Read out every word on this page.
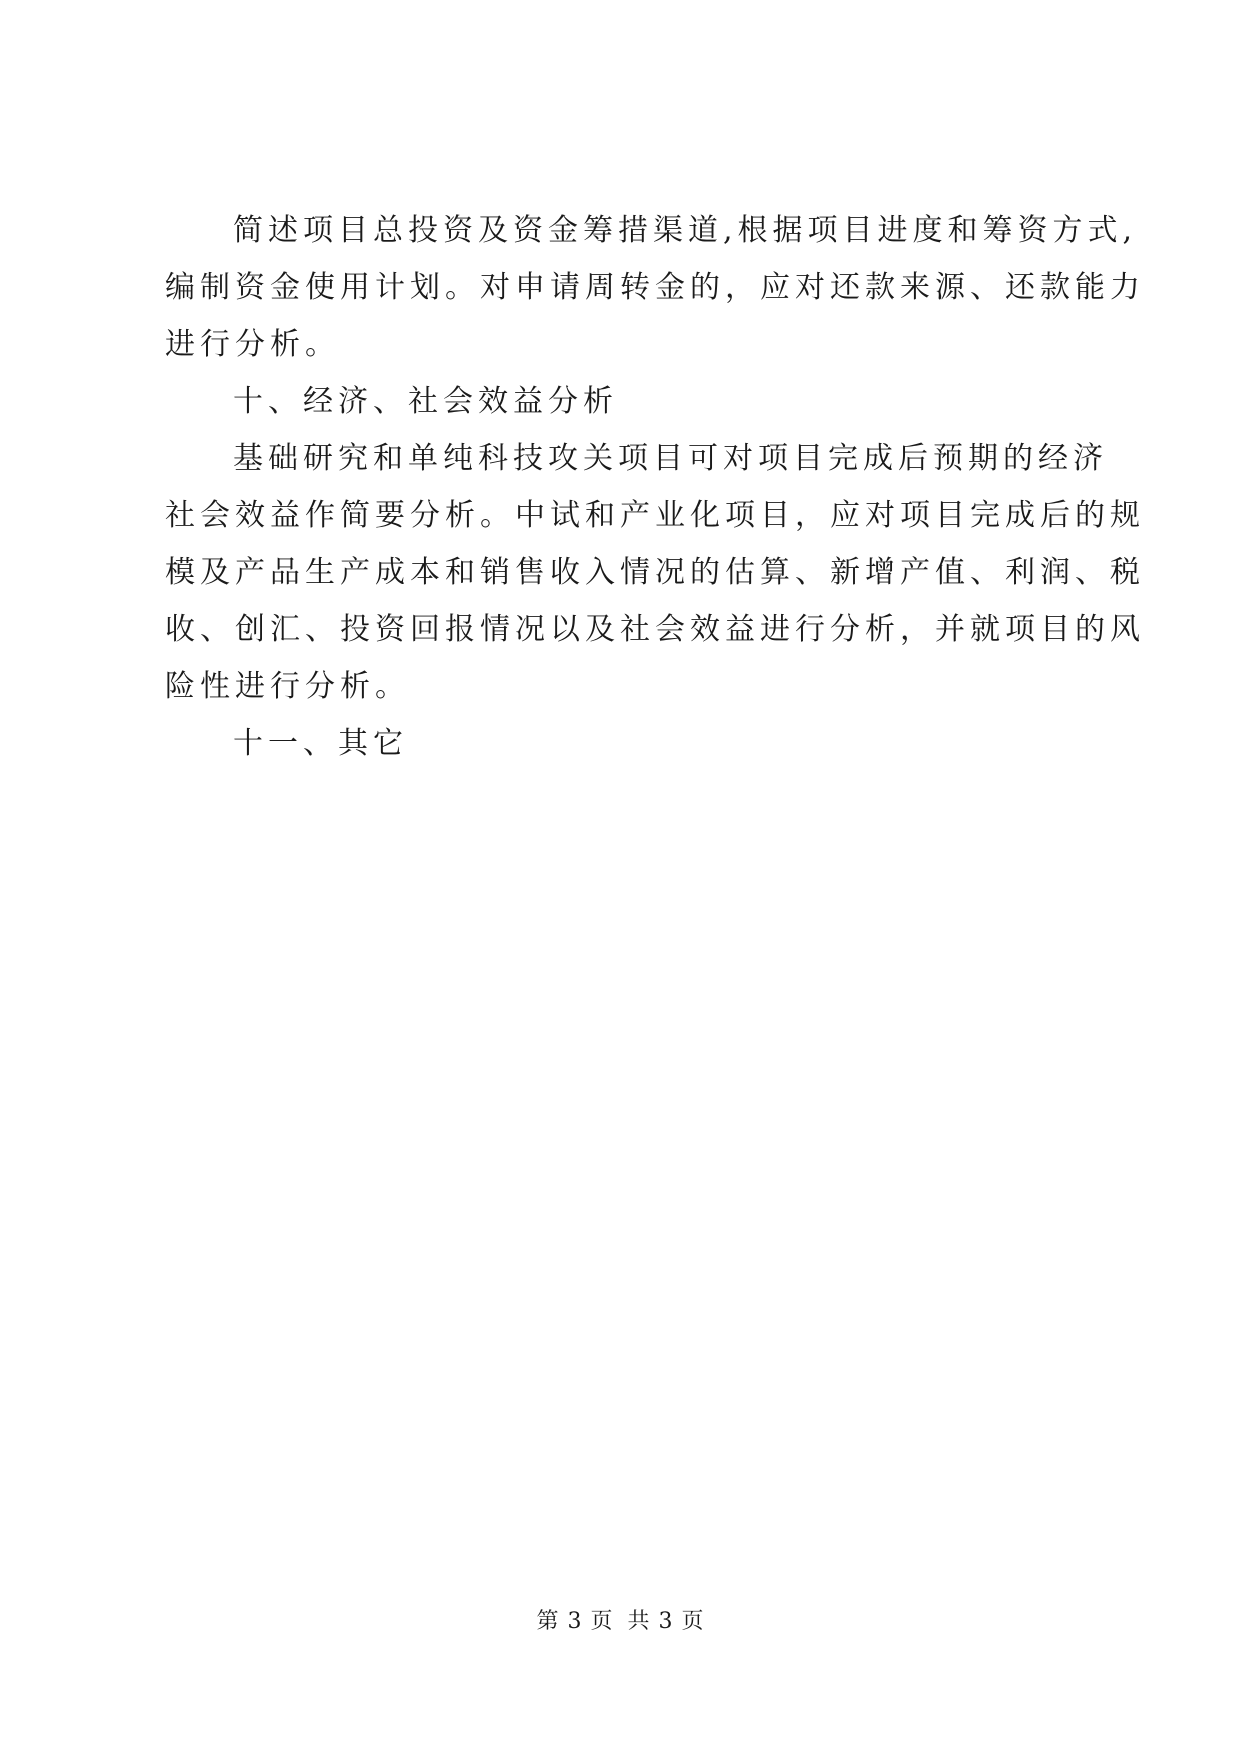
简述项目总投资及资金筹措渠道,根据项目进度和筹资方式,
编制资金使用计划。对申请周转金的，应对还款来源、还款能力
进行分析。
十、经济、社会效益分析
基础研究和单纯科技攻关项目可对项目完成后预期的经济
社会效益作简要分析。中试和产业化项目，应对项目完成后的规
模及产品生产成本和销售收入情况的估算、新增产值、利润、税
收、创汇、投资回报情况以及社会效益进行分析，并就项目的风
险性进行分析。
十一、其它
第 3 页 共 3 页
